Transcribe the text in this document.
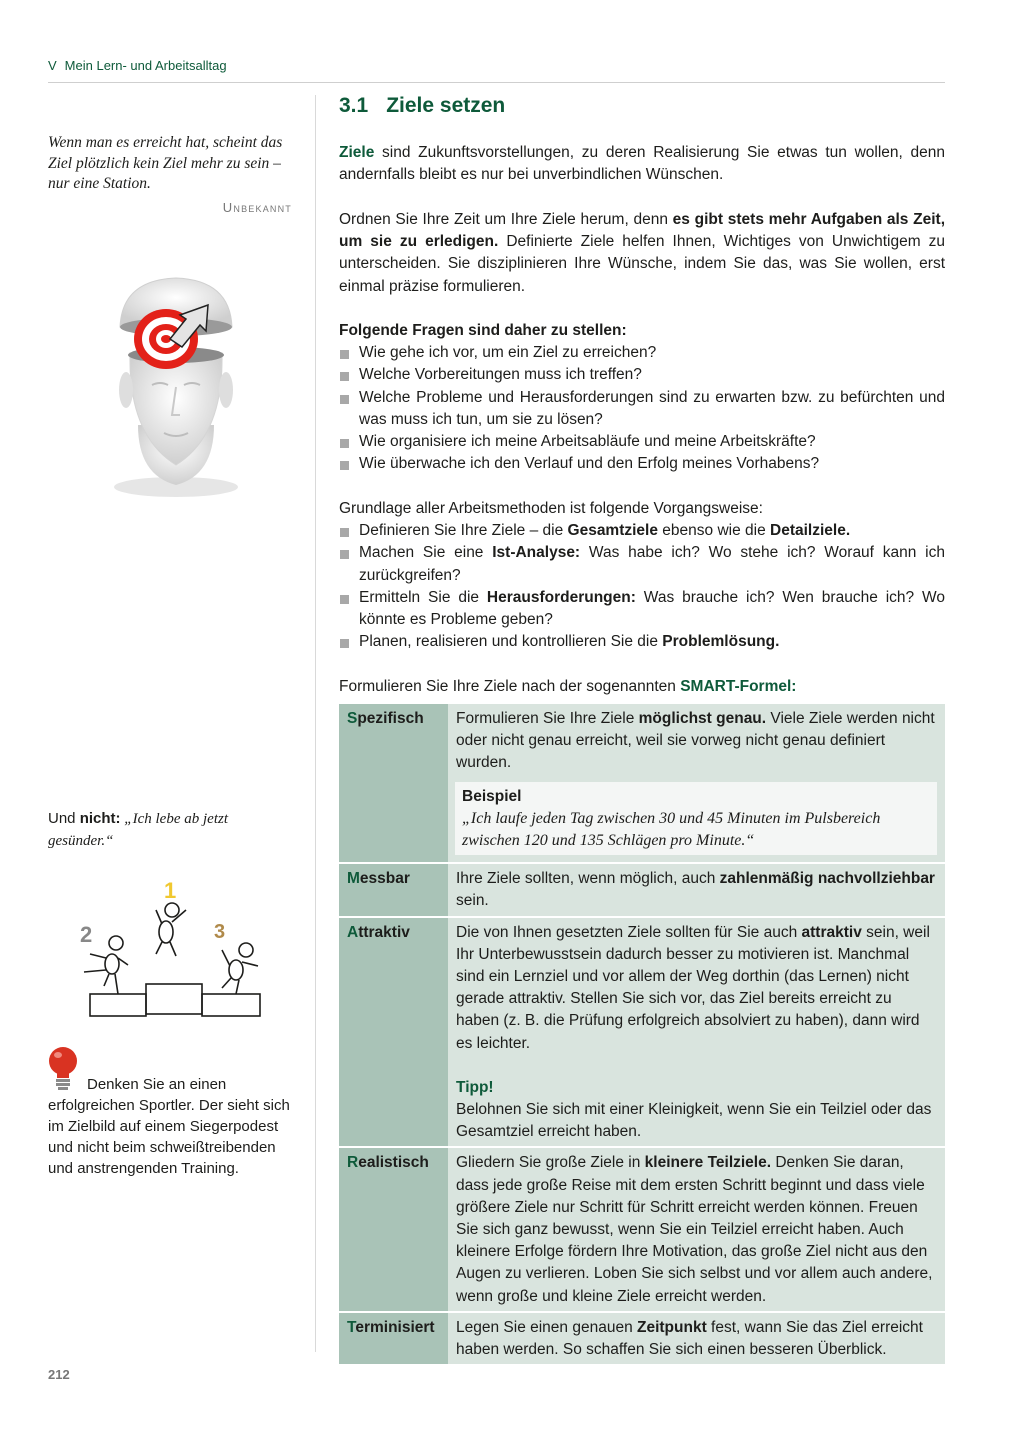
V Mein Lern- und Arbeitsalltag
Wenn man es erreicht hat, scheint das Ziel plötzlich kein Ziel mehr zu sein – nur eine Station.
Unbekannt
Und nicht: „Ich lebe ab jetzt gesünder.“
2
1
3
Denken Sie an einen erfolgreichen Sportler. Der sieht sich im Zielbild auf einem Siegerpodest und nicht beim schweißtreibenden und anstrengenden Training.
3.1 Ziele setzen

Ziele sind Zukunftsvorstellungen, zu deren Realisierung Sie etwas tun wollen, denn andernfalls bleibt es nur bei unverbindlichen Wünschen.

Ordnen Sie Ihre Zeit um Ihre Ziele herum, denn es gibt stets mehr Aufgaben als Zeit, um sie zu erledigen. Definierte Ziele helfen Ihnen, Wichtiges von Unwichtigem zu unterscheiden. Sie disziplinieren Ihre Wünsche, indem Sie das, was Sie wollen, erst einmal präzise formulieren.

Folgende Fragen sind daher zu stellen:

Wie gehe ich vor, um ein Ziel zu erreichen?
Welche Vorbereitungen muss ich treffen?
Welche Probleme und Herausforderungen sind zu erwarten bzw. zu befürchten und was muss ich tun, um sie zu lösen?
Wie organisiere ich meine Arbeitsabläufe und meine Arbeitskräfte?
Wie überwache ich den Verlauf und den Erfolg meines Vorhabens?

Grundlage aller Arbeitsmethoden ist folgende Vorgangsweise:

Definieren Sie Ihre Ziele – die Gesamtziele ebenso wie die Detailziele.
Machen Sie eine Ist-Analyse: Was habe ich? Wo stehe ich? Worauf kann ich zurückgreifen?
Ermitteln Sie die Herausforderungen: Was brauche ich? Wen brauche ich? Wo könnte es Probleme geben?
Planen, realisieren und kontrollieren Sie die Problemlösung.

Formulieren Sie Ihre Ziele nach der sogenannten SMART-Formel:

Spezifisch	Formulieren Sie Ihre Ziele möglichst genau. Viele Ziele werden nicht oder nicht genau erreicht, weil sie vorweg nicht genau definiert wurden.
Beispiel
„Ich laufe jeden Tag zwischen 30 und 45 Minuten im Pulsbereich zwischen 120 und 135 Schlägen pro Minute.“

Messbar	Ihre Ziele sollten, wenn möglich, auch zahlenmäßig nachvollziehbar sein.
Attraktiv	Die von Ihnen gesetzten Ziele sollten für Sie auch attraktiv sein, weil Ihr Unterbewusstsein dadurch besser zu motivieren ist. Manchmal sind ein Lernziel und vor allem der Weg dorthin (das Lernen) nicht gerade attraktiv. Stellen Sie sich vor, das Ziel bereits erreicht zu haben (z. B. die Prüfung erfolgreich absolviert zu haben), dann wird es leichter.
Tipp!
Belohnen Sie sich mit einer Kleinigkeit, wenn Sie ein Teilziel oder das Gesamtziel erreicht haben.

Realistisch	Gliedern Sie große Ziele in kleinere Teilziele. Denken Sie daran, dass jede große Reise mit dem ersten Schritt beginnt und dass viele größere Ziele nur Schritt für Schritt erreicht werden können. Freuen Sie sich ganz bewusst, wenn Sie ein Teilziel erreicht haben. Auch kleinere Erfolge fördern Ihre Motivation, das große Ziel nicht aus den Augen zu verlieren. Loben Sie sich selbst und vor allem auch andere, wenn große und kleine Ziele erreicht werden.
Terminisiert	Legen Sie einen genauen Zeitpunkt fest, wann Sie das Ziel erreicht haben werden. So schaffen Sie sich einen besseren Überblick.
212
